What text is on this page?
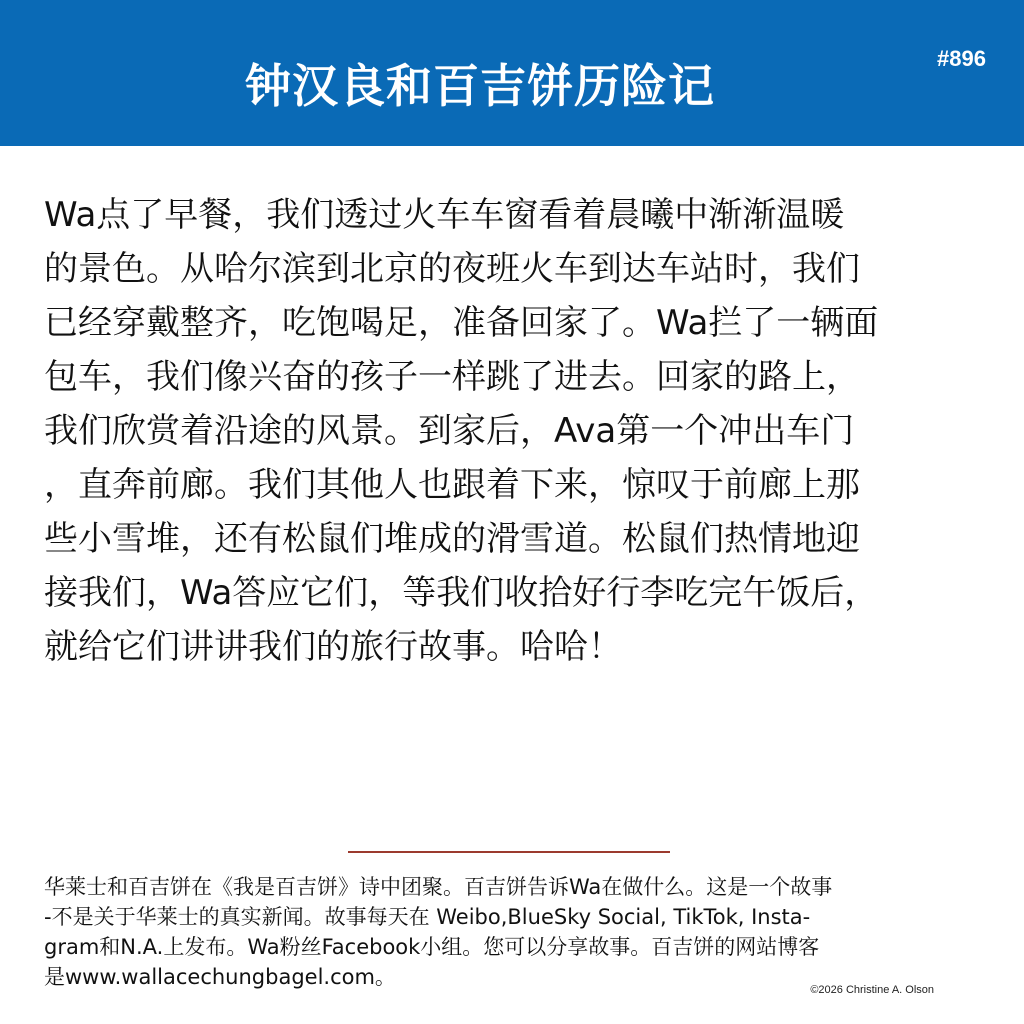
钟汉良和百吉饼历险记
#896
Wa点了早餐，我们透过火车车窗看着晨曦中渐渐温暖
的景色。从哈尔滨到北京的夜班火车到达车站时，我们
已经穿戴整齐，吃饱喝足，准备回家了。Wa拦了一辆面
包车，我们像兴奋的孩子一样跳了进去。回家的路上，
我们欣赏着沿途的风景。到家后，Ava第一个冲出车门
，直奔前廊。我们其他人也跟着下来，惊叹于前廊上那
些小雪堆，还有松鼠们堆成的滑雪道。松鼠们热情地迎
接我们，Wa答应它们，等我们收拾好行李吃完午饭后，
就给它们讲讲我们的旅行故事。哈哈！
华莱士和百吉饼在《我是百吉饼》诗中团聚。百吉饼告诉Wa在做什么。这是一个故事
-不是关于华莱士的真实新闻。故事每天在 Weibo,BlueSky Social, TikTok, Insta-
gram和N.A.上发布。Wa粉丝Facebook小组。您可以分享故事。百吉饼的网站博客
是www.wallacechungbagel.com。
©2026 Christine A. Olson
